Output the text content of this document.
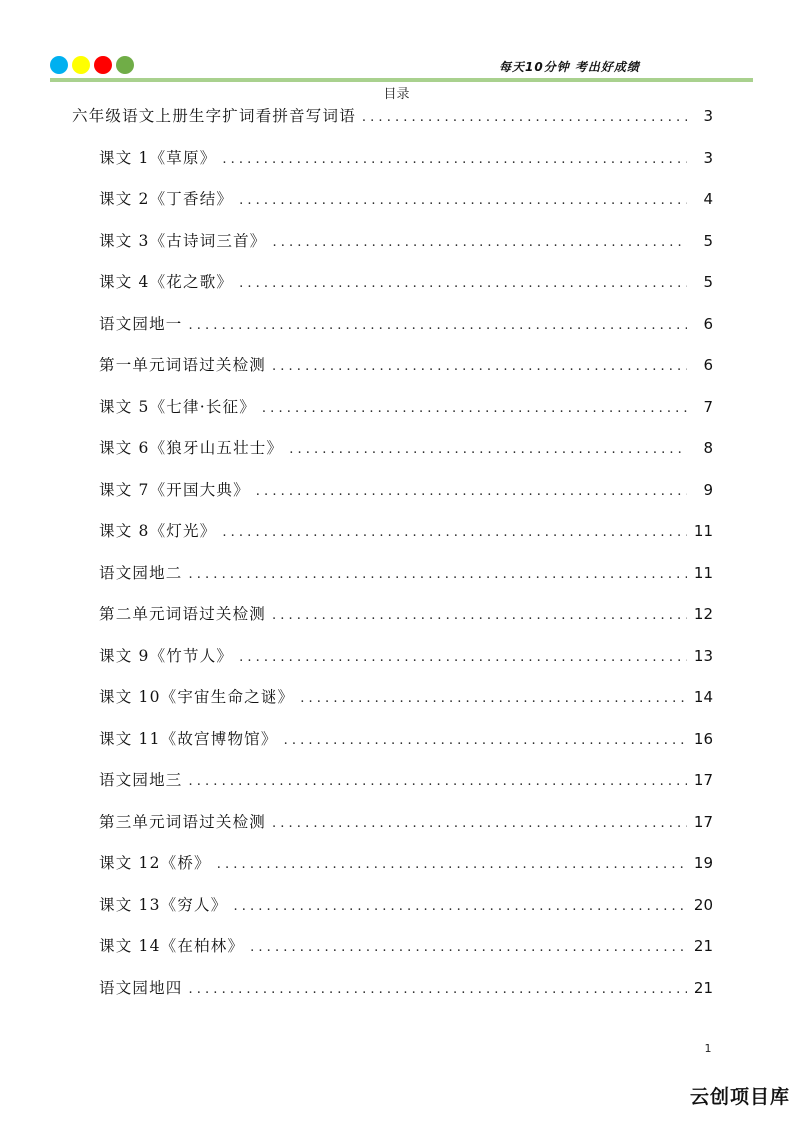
每天10分钟 考出好成绩
目录
六年级语文上册生字扩词看拼音写词语 . . .	3
课文 1《草原》 . . .	3
课文 2《丁香结》 . . .	4
课文 3《古诗词三首》 . . .	5
课文 4《花之歌》 . . .	5
语文园地一 . . .	6
第一单元词语过关检测 . . .	6
课文 5《七律·长征》 . . .	7
课文 6《狼牙山五壮士》 . . .	8
课文 7《开国大典》 . . .	9
课文 8《灯光》 . . .	11
语文园地二 . . .	11
第二单元词语过关检测 . . .	12
课文 9《竹节人》 . . .	13
课文 10《宇宙生命之谜》 . . .	14
课文 11《故宫博物馆》 . . .	16
语文园地三 . . .	17
第三单元词语过关检测 . . .	17
课文 12《桥》 . . .	19
课文 13《穷人》 . . .	20
课文 14《在柏林》 . . .	21
语文园地四 . . .	21
1
云创项目库
